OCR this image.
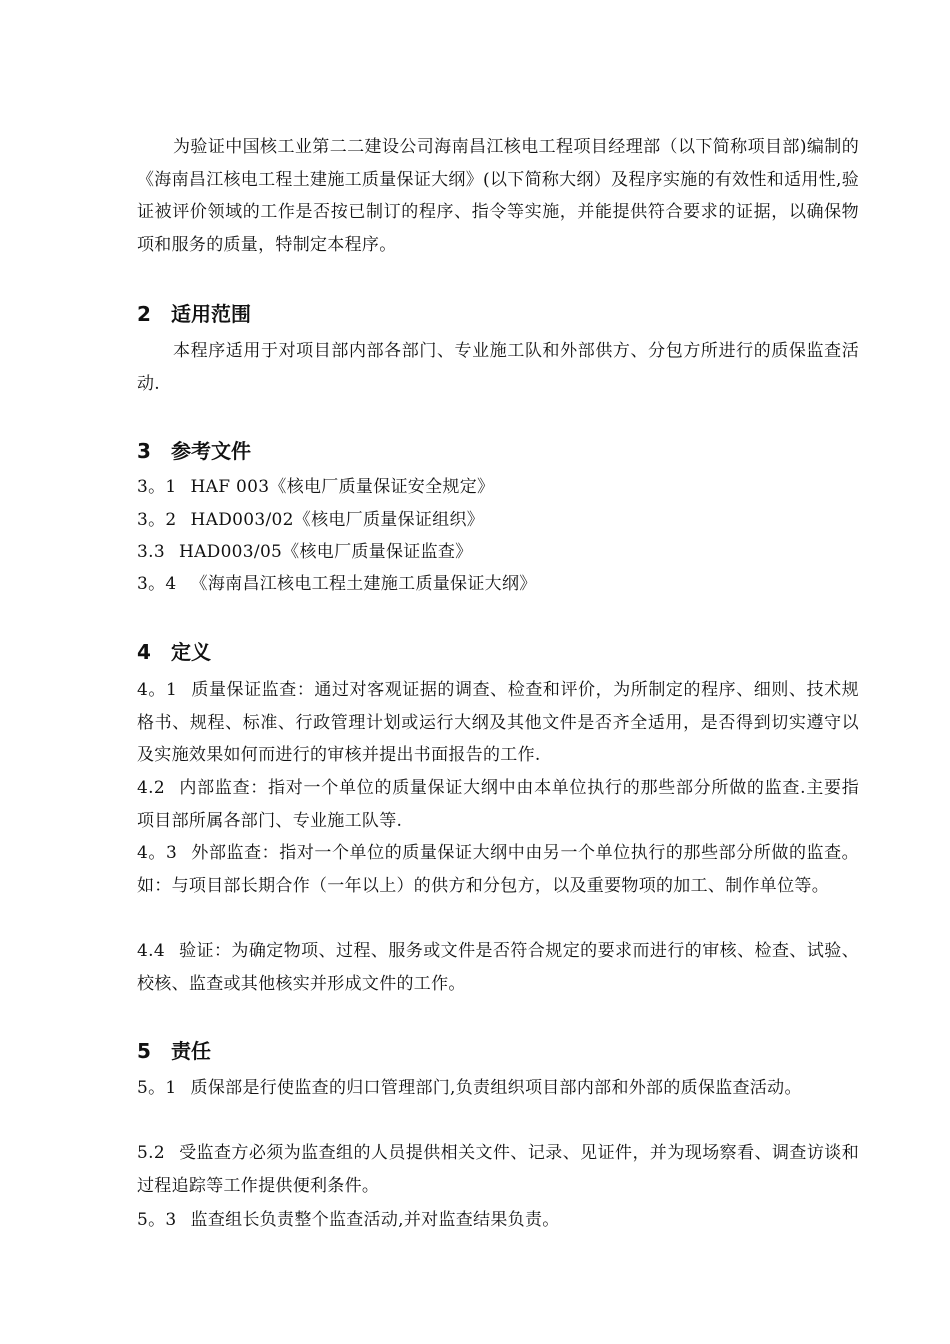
为验证中国核工业第二二建设公司海南昌江核电工程项目经理部（以下简称项目部)编制的《海南昌江核电工程土建施工质量保证大纲》(以下简称大纲）及程序实施的有效性和适用性,验证被评价领域的工作是否按已制订的程序、指令等实施，并能提供符合要求的证据，以确保物项和服务的质量，特制定本程序。

2 适用范围

本程序适用于对项目部内部各部门、专业施工队和外部供方、分包方所进行的质保监查活动.

3 参考文件

3。1 HAF 003《核电厂质量保证安全规定》

3。2 HAD003/02《核电厂质量保证组织》

3.3 HAD003/05《核电厂质量保证监查》

3。4 《海南昌江核电工程土建施工质量保证大纲》

4 定义

4。1 质量保证监查：通过对客观证据的调查、检查和评价，为所制定的程序、细则、技术规格书、规程、标准、行政管理计划或运行大纲及其他文件是否齐全适用，是否得到切实遵守以及实施效果如何而进行的审核并提出书面报告的工作.

4.2 内部监查：指对一个单位的质量保证大纲中由本单位执行的那些部分所做的监查.主要指项目部所属各部门、专业施工队等.

4。3 外部监查：指对一个单位的质量保证大纲中由另一个单位执行的那些部分所做的监查。如：与项目部长期合作（一年以上）的供方和分包方，以及重要物项的加工、制作单位等。

4.4 验证：为确定物项、过程、服务或文件是否符合规定的要求而进行的审核、检查、试验、校核、监查或其他核实并形成文件的工作。

5 责任

5。1 质保部是行使监查的归口管理部门,负责组织项目部内部和外部的质保监查活动。

5.2 受监查方必须为监查组的人员提供相关文件、记录、见证件，并为现场察看、调查访谈和过程追踪等工作提供便利条件。

5。3 监查组长负责整个监查活动,并对监查结果负责。
